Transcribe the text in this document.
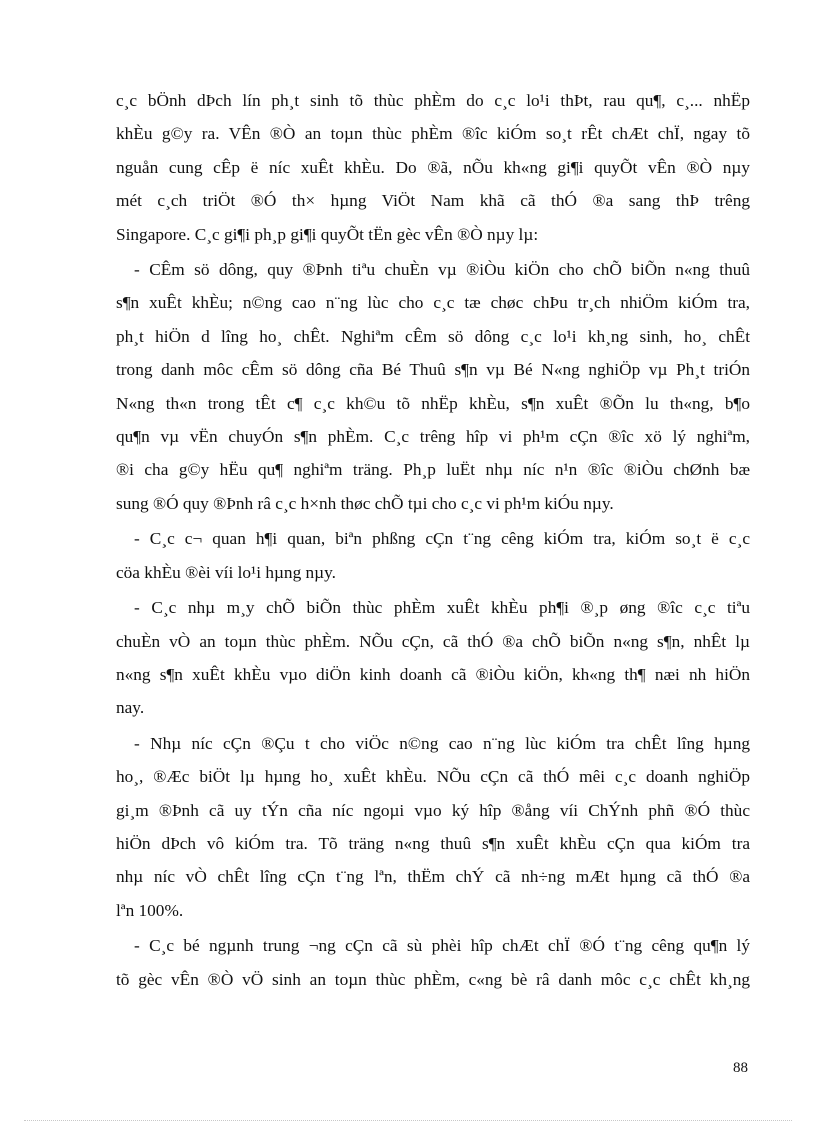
c¸c bÖnh dÞch lín ph¸t sinh tõ thùc phÈm do c¸c lo¹i thÞt, rau qu¶, c¸... nhËp
khÈu g©y ra. VÊn ®Ò an toµn thùc phÈm ®îc kiÓm so¸t rÊt chÆt chÏ, ngay tõ
nguån cung cÊp ë níc xuÊt khÈu. Do ®ã, nÕu kh«ng gi¶i quyÕt vÊn ®Ò nµy
mét c¸ch triÖt ®Ó th× hµng ViÖt Nam khã cã thÓ ®a sang thÞ trêng
Singapore. C¸c gi¶i ph¸p gi¶i quyÕt tËn gèc vÊn ®Ò nµy lµ:

- CÊm sö dông, quy ®Þnh tiªu chuÈn vµ ®iÒu kiÖn cho chÕ biÕn n«ng thuû
s¶n xuÊt khÈu; n©ng cao n¨ng lùc cho c¸c tæ chøc chÞu tr¸ch nhiÖm kiÓm tra,
ph¸t hiÖn d lîng ho¸ chÊt. Nghiªm cÊm sö dông c¸c lo¹i kh¸ng sinh, ho¸ chÊt
trong danh môc cÊm sö dông cña Bé Thuû s¶n vµ Bé N«ng nghiÖp vµ Ph¸t triÓn
N«ng th«n trong tÊt c¶ c¸c kh©u tõ nhËp khÈu, s¶n xuÊt ®Õn lu th«ng, b¶o
qu¶n vµ vËn chuyÓn s¶n phÈm. C¸c trêng hîp vi ph¹m cÇn ®îc xö lý nghiªm,
®i cha g©y hËu qu¶ nghiªm träng. Ph¸p luËt nhµ níc n¹n ®îc ®iÒu chØnh bæ
sung ®Ó quy ®Þnh râ c¸c h×nh thøc chÕ tµi cho c¸c vi ph¹m kiÓu nµy.

- C¸c c¬ quan h¶i quan, biªn phßng cÇn t¨ng cêng kiÓm tra, kiÓm so¸t ë c¸c
cöa khÈu ®èi víi lo¹i hµng nµy.

- C¸c nhµ m¸y chÕ biÕn thùc phÈm xuÊt khÈu ph¶i ®¸p øng ®îc c¸c tiªu
chuÈn vÒ an toµn thùc phÈm. NÕu cÇn, cã thÓ ®a chÕ biÕn n«ng s¶n, nhÊt lµ
n«ng s¶n xuÊt khÈu vµo diÖn kinh doanh cã ®iÒu kiÖn, kh«ng th¶ næi nh hiÖn
nay.

- Nhµ níc cÇn ®Çu t cho viÖc n©ng cao n¨ng lùc kiÓm tra chÊt lîng hµng
ho¸, ®Æc biÖt lµ hµng ho¸ xuÊt khÈu. NÕu cÇn cã thÓ mêi c¸c doanh nghiÖp
gi¸m ®Þnh cã uy tÝn cña níc ngoµi vµo ký hîp ®ång víi ChÝnh phñ ®Ó thùc
hiÖn dÞch vô kiÓm tra. Tõ träng n«ng thuû s¶n xuÊt khÈu cÇn qua kiÓm tra
nhµ níc vÒ chÊt lîng cÇn t¨ng lªn, thËm chÝ cã nh÷ng mÆt hµng cã thÓ ®a
lªn 100%.

- C¸c bé ngµnh trung ¬ng cÇn cã sù phèi hîp chÆt chÏ ®Ó t¨ng cêng qu¶n lý
tõ gèc vÊn ®Ò vÖ sinh an toµn thùc phÈm, c«ng bè râ danh môc c¸c chÊt kh¸ng

88
